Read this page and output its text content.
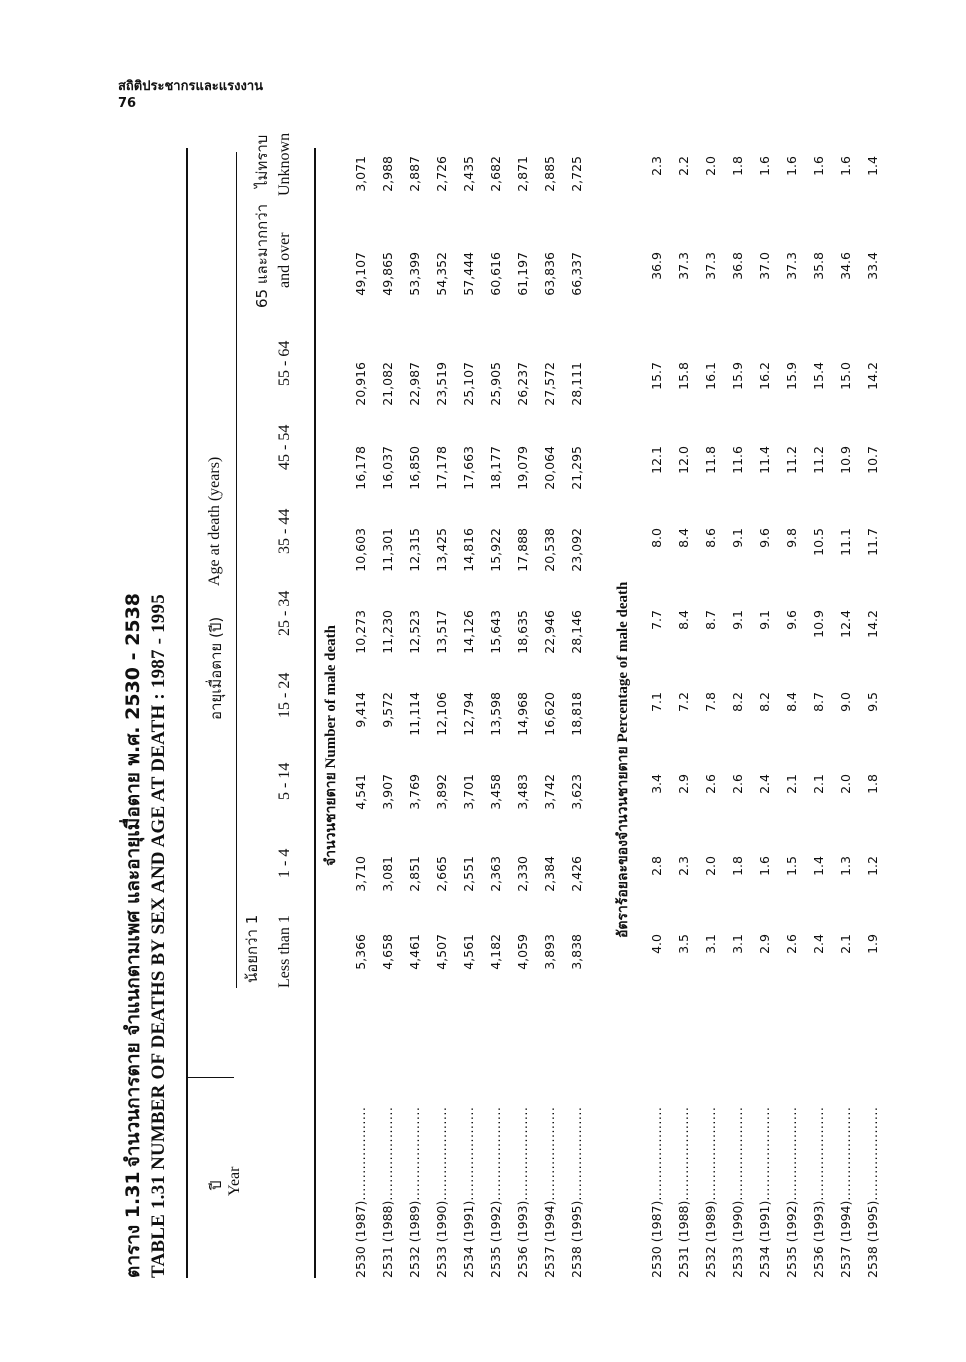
สถิติประชากรและแรงงาน
76
ตาราง 1.31 จำนวนการตาย จำแนกตามเพศ และอายุเมื่อตาย พ.ศ. 2530 - 2538 TABLE 1.31 NUMBER OF DEATHS BY SEX AND AGE AT DEATH : 1987 - 1995	ปี Year
อายุเมื่อตาย (ปี)
Age at death (years)
น้อยกว่า 1 Less than 1
1 - 4
5 - 14
15 - 24
25 - 34
35 - 44
45 - 54
55 - 64
65 และมากกว่า and over
ไม่ทราบ Unknown
จำนวนชายตาย Number of male death
2530 (1987).....................	5,366	3,710	4,541	9,414	10,273	10,603	16,178	20,916	49,107	3,071
2531 (1988).....................	4,658	3,081	3,907	9,572	11,230	11,301	16,037	21,082	49,865	2,988
2532 (1989).....................	4,461	2,851	3,769	11,114	12,523	12,315	16,850	22,987	53,399	2,887
2533 (1990).....................	4,507	2,665	3,892	12,106	13,517	13,425	17,178	23,519	54,352	2,726
2534 (1991).....................	4,561	2,551	3,701	12,794	14,126	14,816	17,663	25,107	57,444	2,435
2535 (1992).....................	4,182	2,363	3,458	13,598	15,643	15,922	18,177	25,905	60,616	2,682
2536 (1993).....................	4,059	2,330	3,483	14,968	18,635	17,888	19,079	26,237	61,197	2,871
2537 (1994).....................	3,893	2,384	3,742	16,620	22,946	20,538	20,064	27,572	63,836	2,885
2538 (1995).....................	3,838	2,426	3,623	18,818	28,146	23,092	21,295	28,111	66,337	2,725
อัตราร้อยละของจำนวนชายตาย Percentage of male death
2530 (1987).....................	4.0	2.8	3.4	7.1	7.7	8.0	12.1	15.7	36.9	2.3
2531 (1988).....................	3.5	2.3	2.9	7.2	8.4	8.4	12.0	15.8	37.3	2.2
2532 (1989).....................	3.1	2.0	2.6	7.8	8.7	8.6	11.8	16.1	37.3	2.0
2533 (1990).....................	3.1	1.8	2.6	8.2	9.1	9.1	11.6	15.9	36.8	1.8
2534 (1991).....................	2.9	1.6	2.4	8.2	9.1	9.6	11.4	16.2	37.0	1.6
2535 (1992).....................	2.6	1.5	2.1	8.4	9.6	9.8	11.2	15.9	37.3	1.6
2536 (1993).....................	2.4	1.4	2.1	8.7	10.9	10.5	11.2	15.4	35.8	1.6
2537 (1994).....................	2.1	1.3	2.0	9.0	12.4	11.1	10.9	15.0	34.6	1.6
2538 (1995).....................	1.9	1.2	1.8	9.5	14.2	11.7	10.7	14.2	33.4	1.4
